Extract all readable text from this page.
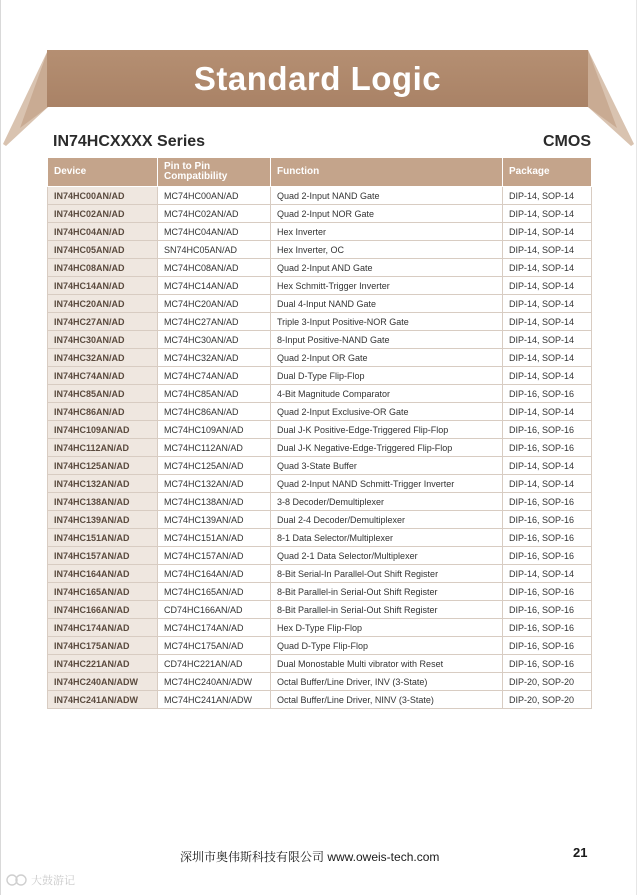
Standard Logic
IN74HCXXXX Series	CMOS
Device	Pin to Pin Compatibility	Function	Package
IN74HC00AN/AD	MC74HC00AN/AD	Quad 2-Input NAND Gate	DIP-14, SOP-14
IN74HC02AN/AD	MC74HC02AN/AD	Quad 2-Input NOR Gate	DIP-14, SOP-14
IN74HC04AN/AD	MC74HC04AN/AD	Hex Inverter	DIP-14, SOP-14
IN74HC05AN/AD	SN74HC05AN/AD	Hex Inverter, OC	DIP-14, SOP-14
IN74HC08AN/AD	MC74HC08AN/AD	Quad 2-Input AND Gate	DIP-14, SOP-14
IN74HC14AN/AD	MC74HC14AN/AD	Hex Schmitt-Trigger Inverter	DIP-14, SOP-14
IN74HC20AN/AD	MC74HC20AN/AD	Dual 4-Input NAND Gate	DIP-14, SOP-14
IN74HC27AN/AD	MC74HC27AN/AD	Triple 3-Input Positive-NOR Gate	DIP-14, SOP-14
IN74HC30AN/AD	MC74HC30AN/AD	8-Input Positive-NAND Gate	DIP-14, SOP-14
IN74HC32AN/AD	MC74HC32AN/AD	Quad 2-Input OR Gate	DIP-14, SOP-14
IN74HC74AN/AD	MC74HC74AN/AD	Dual D-Type Flip-Flop	DIP-14, SOP-14
IN74HC85AN/AD	MC74HC85AN/AD	4-Bit Magnitude Comparator	DIP-16, SOP-16
IN74HC86AN/AD	MC74HC86AN/AD	Quad 2-Input Exclusive-OR Gate	DIP-14, SOP-14
IN74HC109AN/AD	MC74HC109AN/AD	Dual J-K Positive-Edge-Triggered Flip-Flop	DIP-16, SOP-16
IN74HC112AN/AD	MC74HC112AN/AD	Dual J-K Negative-Edge-Triggered Flip-Flop	DIP-16, SOP-16
IN74HC125AN/AD	MC74HC125AN/AD	Quad 3-State Buffer	DIP-14, SOP-14
IN74HC132AN/AD	MC74HC132AN/AD	Quad 2-Input NAND Schmitt-Trigger Inverter	DIP-14, SOP-14
IN74HC138AN/AD	MC74HC138AN/AD	3-8 Decoder/Demultiplexer	DIP-16, SOP-16
IN74HC139AN/AD	MC74HC139AN/AD	Dual 2-4 Decoder/Demultiplexer	DIP-16, SOP-16
IN74HC151AN/AD	MC74HC151AN/AD	8-1 Data Selector/Multiplexer	DIP-16, SOP-16
IN74HC157AN/AD	MC74HC157AN/AD	Quad 2-1 Data Selector/Multiplexer	DIP-16, SOP-16
IN74HC164AN/AD	MC74HC164AN/AD	8-Bit Serial-In Parallel-Out Shift Register	DIP-14, SOP-14
IN74HC165AN/AD	MC74HC165AN/AD	8-Bit Parallel-in Serial-Out Shift Register	DIP-16, SOP-16
IN74HC166AN/AD	CD74HC166AN/AD	8-Bit Parallel-in Serial-Out Shift Register	DIP-16, SOP-16
IN74HC174AN/AD	MC74HC174AN/AD	Hex D-Type Flip-Flop	DIP-16, SOP-16
IN74HC175AN/AD	MC74HC175AN/AD	Quad D-Type Flip-Flop	DIP-16, SOP-16
IN74HC221AN/AD	CD74HC221AN/AD	Dual Monostable Multi vibrator with Reset	DIP-16, SOP-16
IN74HC240AN/ADW	MC74HC240AN/ADW	Octal Buffer/Line Driver, INV (3-State)	DIP-20, SOP-20
IN74HC241AN/ADW	MC74HC241AN/ADW	Octal Buffer/Line Driver, NINV (3-State)	DIP-20, SOP-20
深圳市奥伟斯科技有限公司 www.oweis-tech.com	21
大鼓游记
